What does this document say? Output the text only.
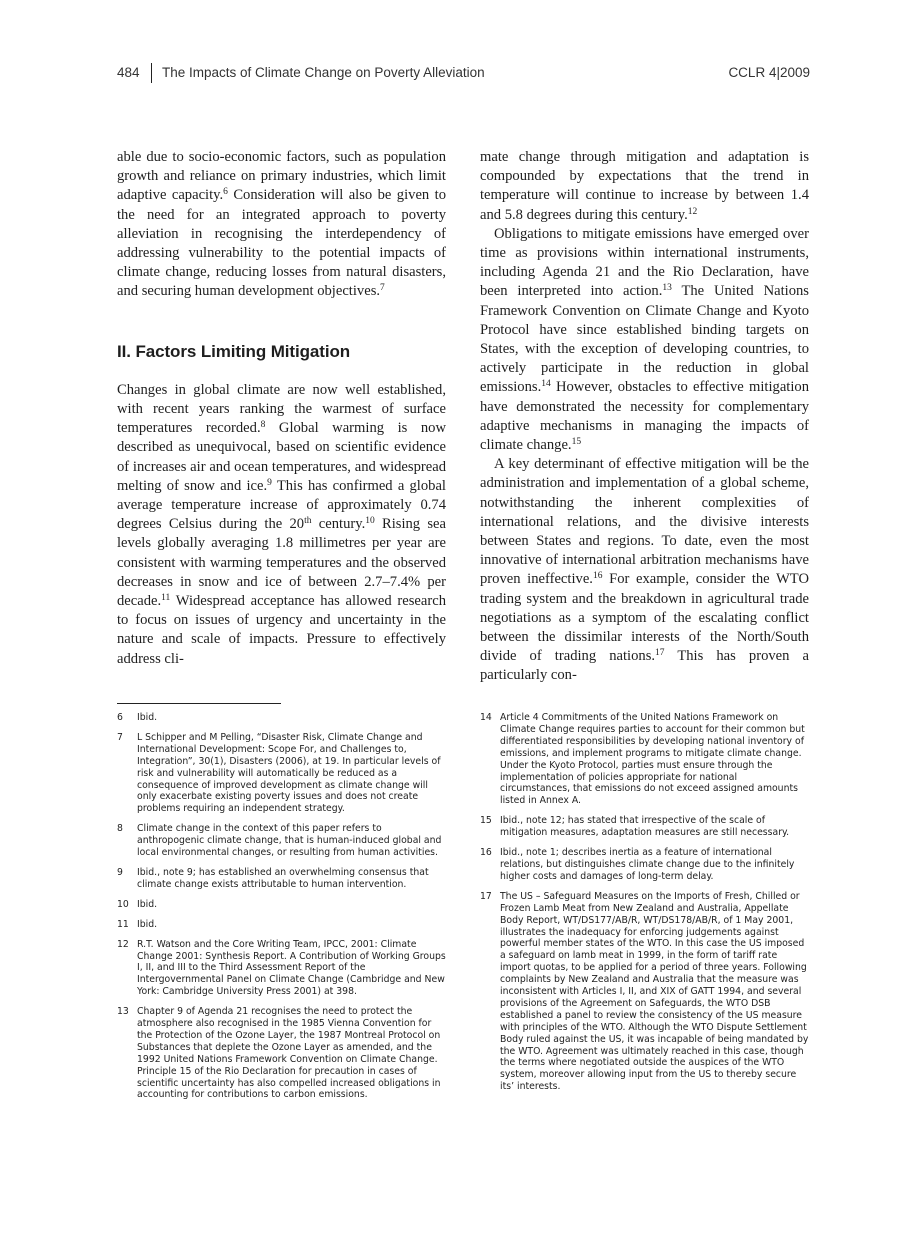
484 The Impacts of Climate Change on Poverty Alleviation	CCLR 4|2009

able due to socio-economic factors, such as population growth and reliance on primary industries, which limit adaptive capacity.$^6$ Consideration will also be given to the need for an integrated approach to poverty alleviation in recognising the interdependency of addressing vulnerability to the potential impacts of climate change, reducing losses from natural disasters, and securing human development objectives.$^7$

II. Factors Limiting Mitigation

Changes in global climate are now well established, with recent years ranking the warmest of surface temperatures recorded.$^8$ Global warming is now described as unequivocal, based on scientific evidence of increases air and ocean temperatures, and widespread melting of snow and ice.$^9$ This has confirmed a global average temperature increase of approximately 0.74 degrees Celsius during the 20th century.$^{10}$ Rising sea levels globally averaging 1.8 millimetres per year are consistent with warming temperatures and the observed decreases in snow and ice of between 2.7–7.4% per decade.$^{11}$ Widespread acceptance has allowed research to focus on issues of urgency and uncertainty in the nature and scale of impacts. Pressure to effectively address cli-

mate change through mitigation and adaptation is compounded by expectations that the trend in temperature will continue to increase by between 1.4 and 5.8 degrees during this century.$^{12}$

Obligations to mitigate emissions have emerged over time as provisions within international instruments, including Agenda 21 and the Rio Declaration, have been interpreted into action.$^{13}$ The United Nations Framework Convention on Climate Change and Kyoto Protocol have since established binding targets on States, with the exception of developing countries, to actively participate in the reduction in global emissions.$^{14}$ However, obstacles to effective mitigation have demonstrated the necessity for complementary adaptive mechanisms in managing the impacts of climate change.$^{15}$

A key determinant of effective mitigation will be the administration and implementation of a global scheme, notwithstanding the inherent complexities of international relations, and the divisive interests between States and regions. To date, even the most innovative of international arbitration mechanisms have proven ineffective.$^{16}$ For example, consider the WTO trading system and the breakdown in agricultural trade negotiations as a symptom of the escalating conflict between the dissimilar interests of the North/South divide of trading nations.$^{17}$ This has proven a particularly con-

6	Ibid.
7	L Schipper and M Pelling, “Disaster Risk, Climate Change and International Development: Scope For, and Challenges to, Integration”, 30(1), Disasters (2006), at 19. In particular levels of risk and vulnerability will automatically be reduced as a consequence of improved development as climate change will only exacerbate existing poverty issues and does not create problems requiring an independent strategy.
8	Climate change in the context of this paper refers to anthropogenic climate change, that is human-induced global and local environmental changes, or resulting from human activities.
9	Ibid., note 9; has established an overwhelming consensus that climate change exists attributable to human intervention.
10 Ibid.
11 Ibid.
12 R.T. Watson and the Core Writing Team, IPCC, 2001: Climate Change 2001: Synthesis Report. A Contribution of Working Groups I, II, and III to the Third Assessment Report of the Intergovernmental Panel on Climate Change (Cambridge and New York: Cambridge University Press 2001) at 398.
13 Chapter 9 of Agenda 21 recognises the need to protect the atmosphere also recognised in the 1985 Vienna Convention for the Protection of the Ozone Layer, the 1987 Montreal Protocol on Substances that deplete the Ozone Layer as amended, and the 1992 United Nations Framework Convention on Climate Change. Principle 15 of the Rio Declaration for precaution in cases of scientific uncertainty has also compelled increased obligations in accounting for contributions to carbon emissions.
14 Article 4 Commitments of the United Nations Framework on Climate Change requires parties to account for their common but differentiated responsibilities by developing national inventory of emissions, and implement programs to mitigate climate change. Under the Kyoto Protocol, parties must ensure through the implementation of policies appropriate for national circumstances, that emissions do not exceed assigned amounts listed in Annex A.
15 Ibid., note 12; has stated that irrespective of the scale of mitigation measures, adaptation measures are still necessary.
16 Ibid., note 1; describes inertia as a feature of international relations, but distinguishes climate change due to the infinitely higher costs and damages of long-term delay.
17 The US – Safeguard Measures on the Imports of Fresh, Chilled or Frozen Lamb Meat from New Zealand and Australia, Appellate Body Report, WT/DS177/AB/R, WT/DS178/AB/R, of 1 May 2001, illustrates the inadequacy for enforcing judgements against powerful member states of the WTO. In this case the US imposed a safeguard on lamb meat in 1999, in the form of tariff rate import quotas, to be applied for a period of three years. Following complaints by New Zealand and Australia that the measure was inconsistent with Articles I, II, and XIX of GATT 1994, and several provisions of the Agreement on Safeguards, the WTO DSB established a panel to review the consistency of the US measure with principles of the WTO. Although the WTO Dispute Settlement Body ruled against the US, it was incapable of being mandated by the WTO. Agreement was ultimately reached in this case, though the terms where negotiated outside the auspices of the WTO system, moreover allowing input from the US to thereby secure its’ interests.
